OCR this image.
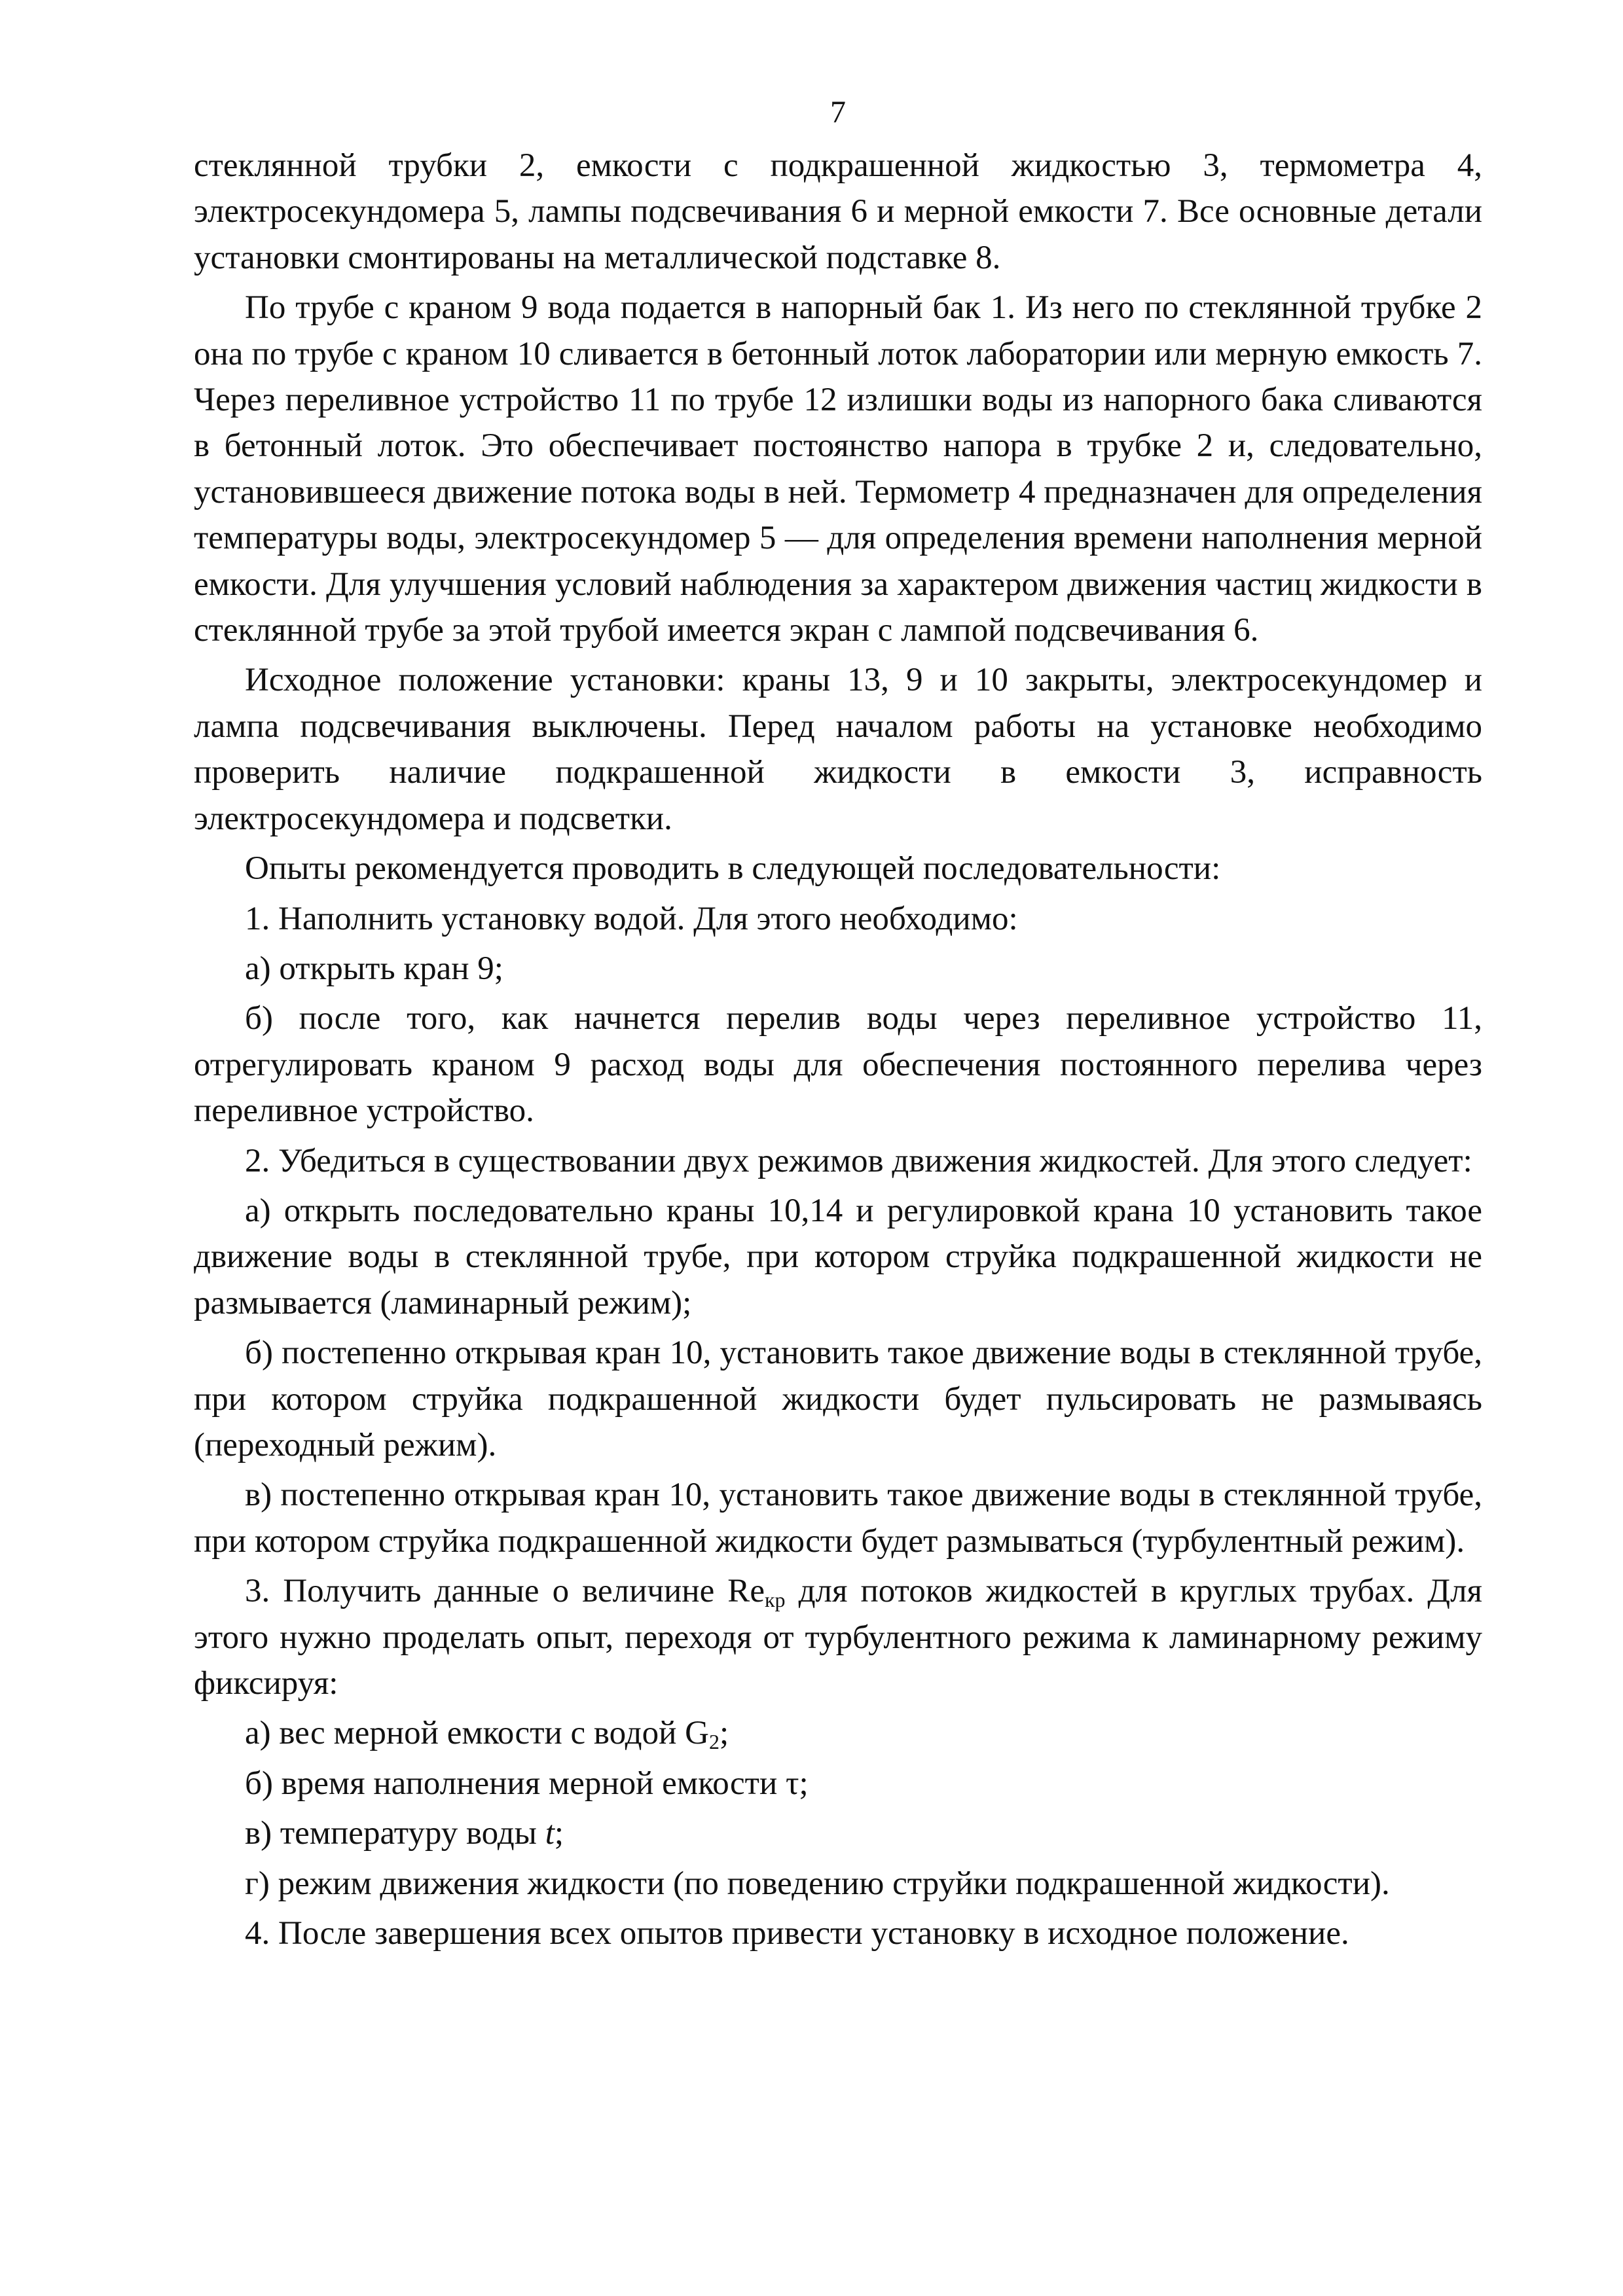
7

стеклянной трубки 2, емкости с подкрашенной жидкостью 3, термометра 4, электросекундомера 5, лампы подсвечивания 6 и мерной емкости 7. Все основные детали установки смонтированы на металлической подставке 8.

По трубе с краном 9 вода подается в напорный бак 1. Из него по стеклянной трубке 2 она по трубе с краном 10 сливается в бетонный лоток лаборатории или мерную емкость 7. Через переливное устройство 11 по трубе 12 излишки воды из напорного бака сливаются в бетонный лоток. Это обеспечивает постоянство напора в трубке 2 и, следовательно, установившееся движение потока воды в ней. Термометр 4 предназначен для определения температуры воды, электросекундомер 5 — для определения времени наполнения мерной емкости. Для улучшения условий наблюдения за характером движения частиц жидкости в стеклянной трубе за этой трубой имеется экран с лампой подсвечивания 6.

Исходное положение установки: краны 13, 9 и 10 закрыты, электросекундомер и лампа подсвечивания выключены. Перед началом работы на установке необходимо проверить наличие подкрашенной жидкости в емкости 3, исправность электросекундомера и подсветки.

Опыты рекомендуется проводить в следующей последовательности:

1. Наполнить установку водой. Для этого необходимо:

а) открыть кран 9;

б) после того, как начнется перелив воды через переливное устройство 11, отрегулировать краном 9 расход воды для обеспечения постоянного перелива через переливное устройство.

2. Убедиться в существовании двух режимов движения жидкостей. Для этого следует:

а) открыть последовательно краны 10,14 и регулировкой крана 10 установить такое движение воды в стеклянной трубе, при котором струйка подкрашенной жидкости не размывается (ламинарный режим);

б) постепенно открывая кран 10, установить такое движение воды в стеклянной трубе, при котором струйка подкрашенной жидкости будет пульсировать не размываясь (переходный режим).

в) постепенно открывая кран 10, установить такое движение воды в стеклянной трубе, при котором струйка подкрашенной жидкости будет размываться (турбулентный режим).

3. Получить данные о величине $Re_{кр}$ для потоков жидкостей в круглых трубах. Для этого нужно проделать опыт, переходя от турбулентного режима к ламинарному режиму фиксируя:

а) вес мерной емкости с водой $G_2$;

б) время наполнения мерной емкости τ;

в) температуру воды t;

г) режим движения жидкости (по поведению струйки подкрашенной жидкости).

4. После завершения всех опытов привести установку в исходное положение.
